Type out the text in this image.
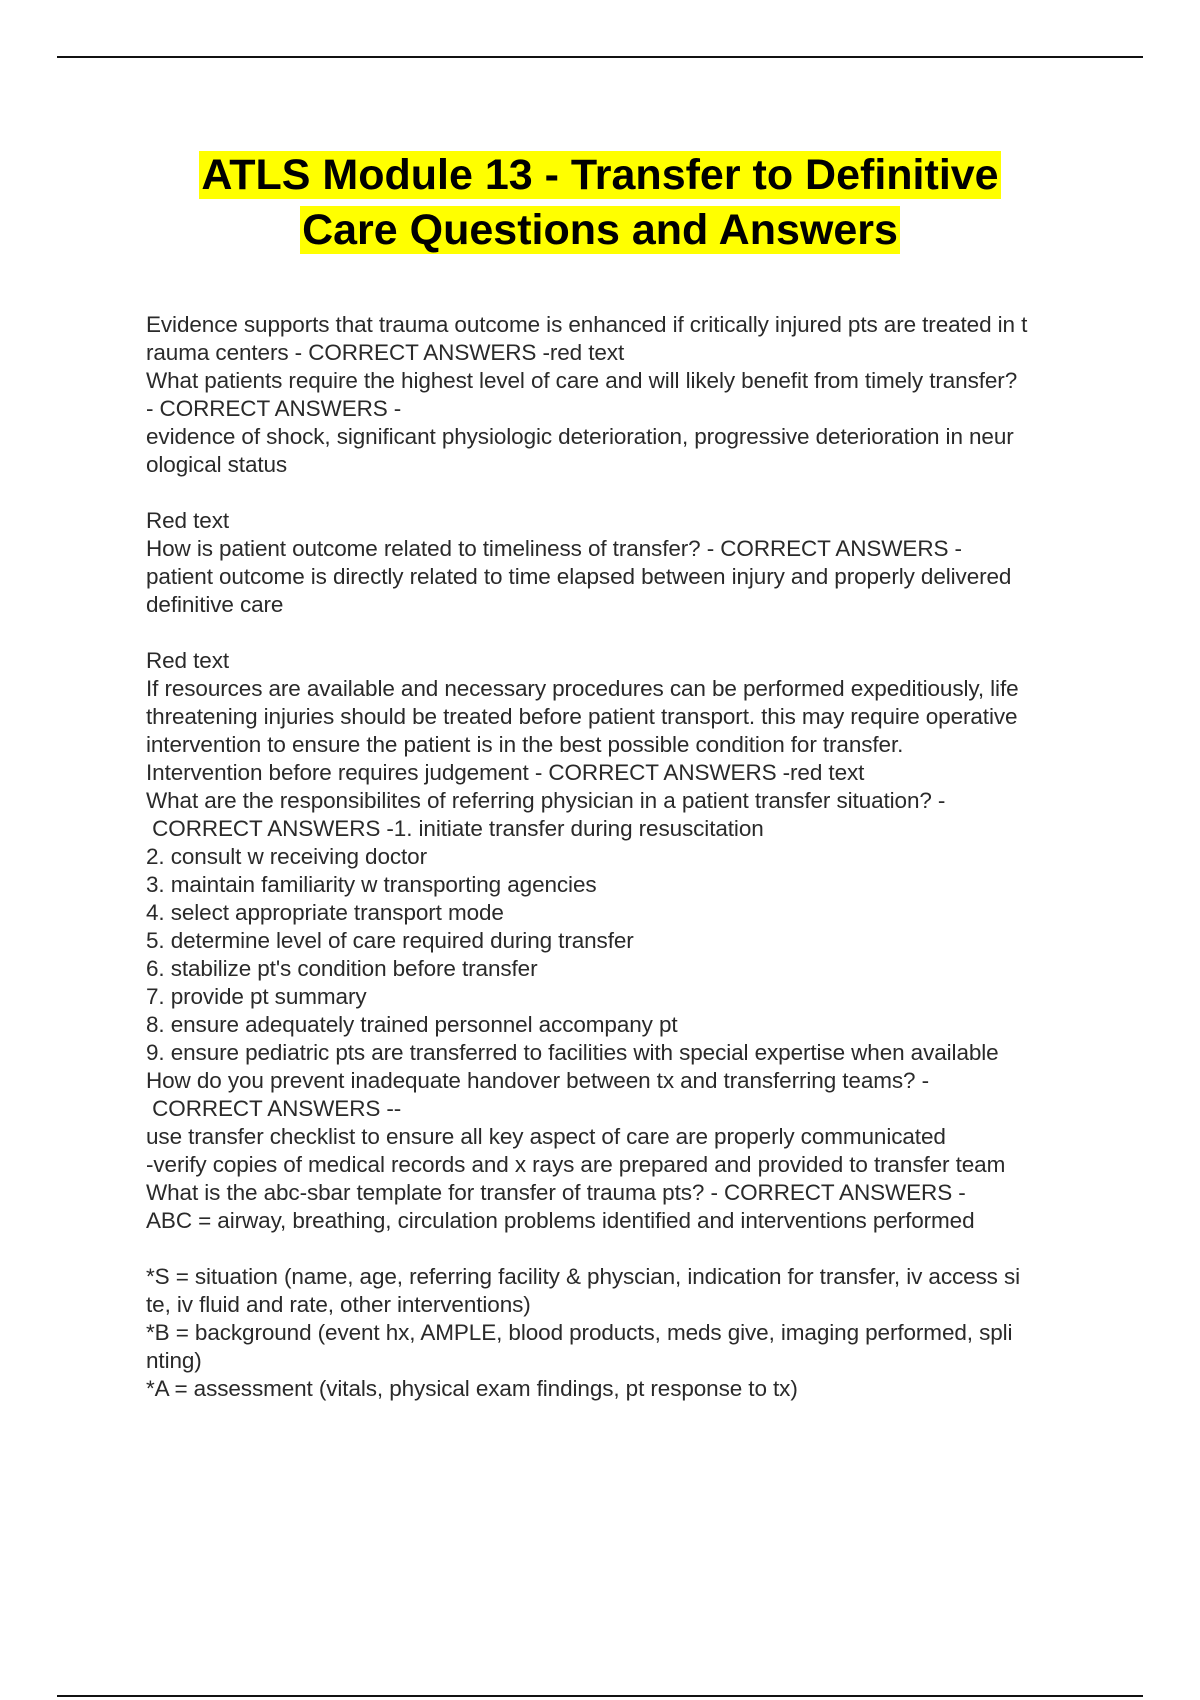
ATLS Module 13 - Transfer to Definitive
Care Questions and Answers
Evidence supports that trauma outcome is enhanced if critically injured pts are treated in t
rauma centers - CORRECT ANSWERS -red text
What patients require the highest level of care and will likely benefit from timely transfer?
- CORRECT ANSWERS -
evidence of shock, significant physiologic deterioration, progressive deterioration in neur
ological status
Red text
How is patient outcome related to timeliness of transfer? - CORRECT ANSWERS -
patient outcome is directly related to time elapsed between injury and properly delivered
definitive care
Red text
If resources are available and necessary procedures can be performed expeditiously, life
threatening injuries should be treated before patient transport. this may require operative
intervention to ensure the patient is in the best possible condition for transfer.
Intervention before requires judgement - CORRECT ANSWERS -red text
What are the responsibilites of referring physician in a patient transfer situation? -
CORRECT ANSWERS -1. initiate transfer during resuscitation
2. consult w receiving doctor
3. maintain familiarity w transporting agencies
4. select appropriate transport mode
5. determine level of care required during transfer
6. stabilize pt's condition before transfer
7. provide pt summary
8. ensure adequately trained personnel accompany pt
9. ensure pediatric pts are transferred to facilities with special expertise when available
How do you prevent inadequate handover between tx and transferring teams? -
CORRECT ANSWERS --
use transfer checklist to ensure all key aspect of care are properly communicated
-verify copies of medical records and x rays are prepared and provided to transfer team
What is the abc-sbar template for transfer of trauma pts? - CORRECT ANSWERS -
ABC = airway, breathing, circulation problems identified and interventions performed
*S = situation (name, age, referring facility & physcian, indication for transfer, iv access si
te, iv fluid and rate, other interventions)
*B = background (event hx, AMPLE, blood products, meds give, imaging performed, spli
nting)
*A = assessment (vitals, physical exam findings, pt response to tx)
